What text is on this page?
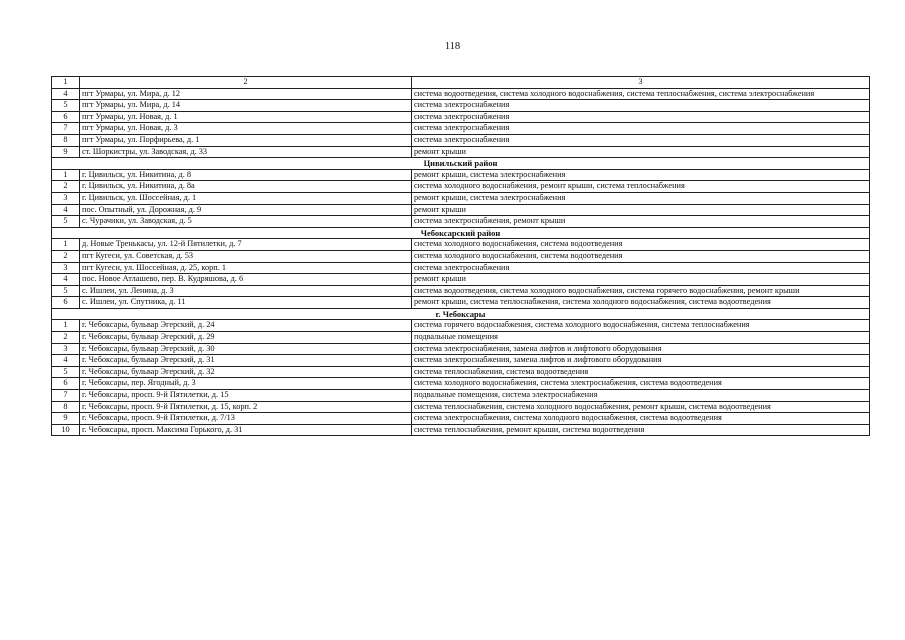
118
1	2	3
4	пгт Урмары, ул. Мира, д. 12	система водоотведения, система холодного водоснабжения, система теплоснабжения, система электроснабжения
5	пгт Урмары, ул. Мира, д. 14	система электроснабжения
6	пгт Урмары, ул. Новая, д. 1	система электроснабжения
7	пгт Урмары, ул. Новая, д. 3	система электроснабжения
8	пгт Урмары, ул. Порфирьева, д. 1	система электроснабжения
9	ст. Шоркистры, ул. Заводская, д. 33	ремонт крыши
Цивильский район		
1	г. Цивильск, ул. Никитина, д. 8	ремонт крыши, система электроснабжения
2	г. Цивильск, ул. Никитина, д. 8а	система холодного водоснабжения, ремонт крыши, система теплоснабжения
3	г. Цивильск, ул. Шоссейная, д. 1	ремонт крыши, система электроснабжения
4	пос. Опытный, ул. Дорожная, д. 9	ремонт крыши
5	с. Чурачики, ул. Заводская, д. 5	система электроснабжения, ремонт крыши
Чебоксарский район		
1	д. Новые Тренькасы, ул. 12-й Пятилетки, д. 7	система холодного водоснабжения, система водоотведения
2	пгт Кугеси, ул. Советская, д. 53	система холодного водоснабжения, система водоотведения
3	пгт Кугеси, ул. Шоссейная, д. 25, корп. 1	система электроснабжения
4	пос. Новое Атлашево, пер. В. Кудряшова, д. 6	ремонт крыши
5	с. Ишлеи, ул. Ленина, д. 3	система водоотведения, система холодного водоснабжения, система горячего водоснабжения, ремонт крыши
6	с. Ишлеи, ул. Спутника, д. 11	ремонт крыши, система теплоснабжения, система холодного водоснабжения, система водоотведения
г. Чебоксары		
1	г. Чебоксары, бульвар Эгерский, д. 24	система горячего водоснабжения, система холодного водоснабжения, система теплоснабжения
2	г. Чебоксары, бульвар Эгерский, д. 29	подвальные помещения
3	г. Чебоксары, бульвар Эгерский, д. 30	система электроснабжения, замена лифтов и лифтового оборудования
4	г. Чебоксары, бульвар Эгерский, д. 31	система электроснабжения, замена лифтов и лифтового оборудования
5	г. Чебоксары, бульвар Эгерский, д. 32	система теплоснабжения, система водоотведения
6	г. Чебоксары, пер. Ягодный, д. 3	система холодного водоснабжения, система электроснабжения, система водоотведения
7	г. Чебоксары, просп. 9-й Пятилетки, д. 15	подвальные помещения, система электроснабжения
8	г. Чебоксары, просп. 9-й Пятилетки, д. 15, корп. 2	система теплоснабжения, система холодного водоснабжения, ремонт крыши, система водоотведения
9	г. Чебоксары, просп. 9-й Пятилетки, д. 7/13	система электроснабжения, система холодного водоснабжения, система водоотведения
10	г. Чебоксары, просп. Максима Горького, д. 31	система теплоснабжения, ремонт крыши, система водоотведения
